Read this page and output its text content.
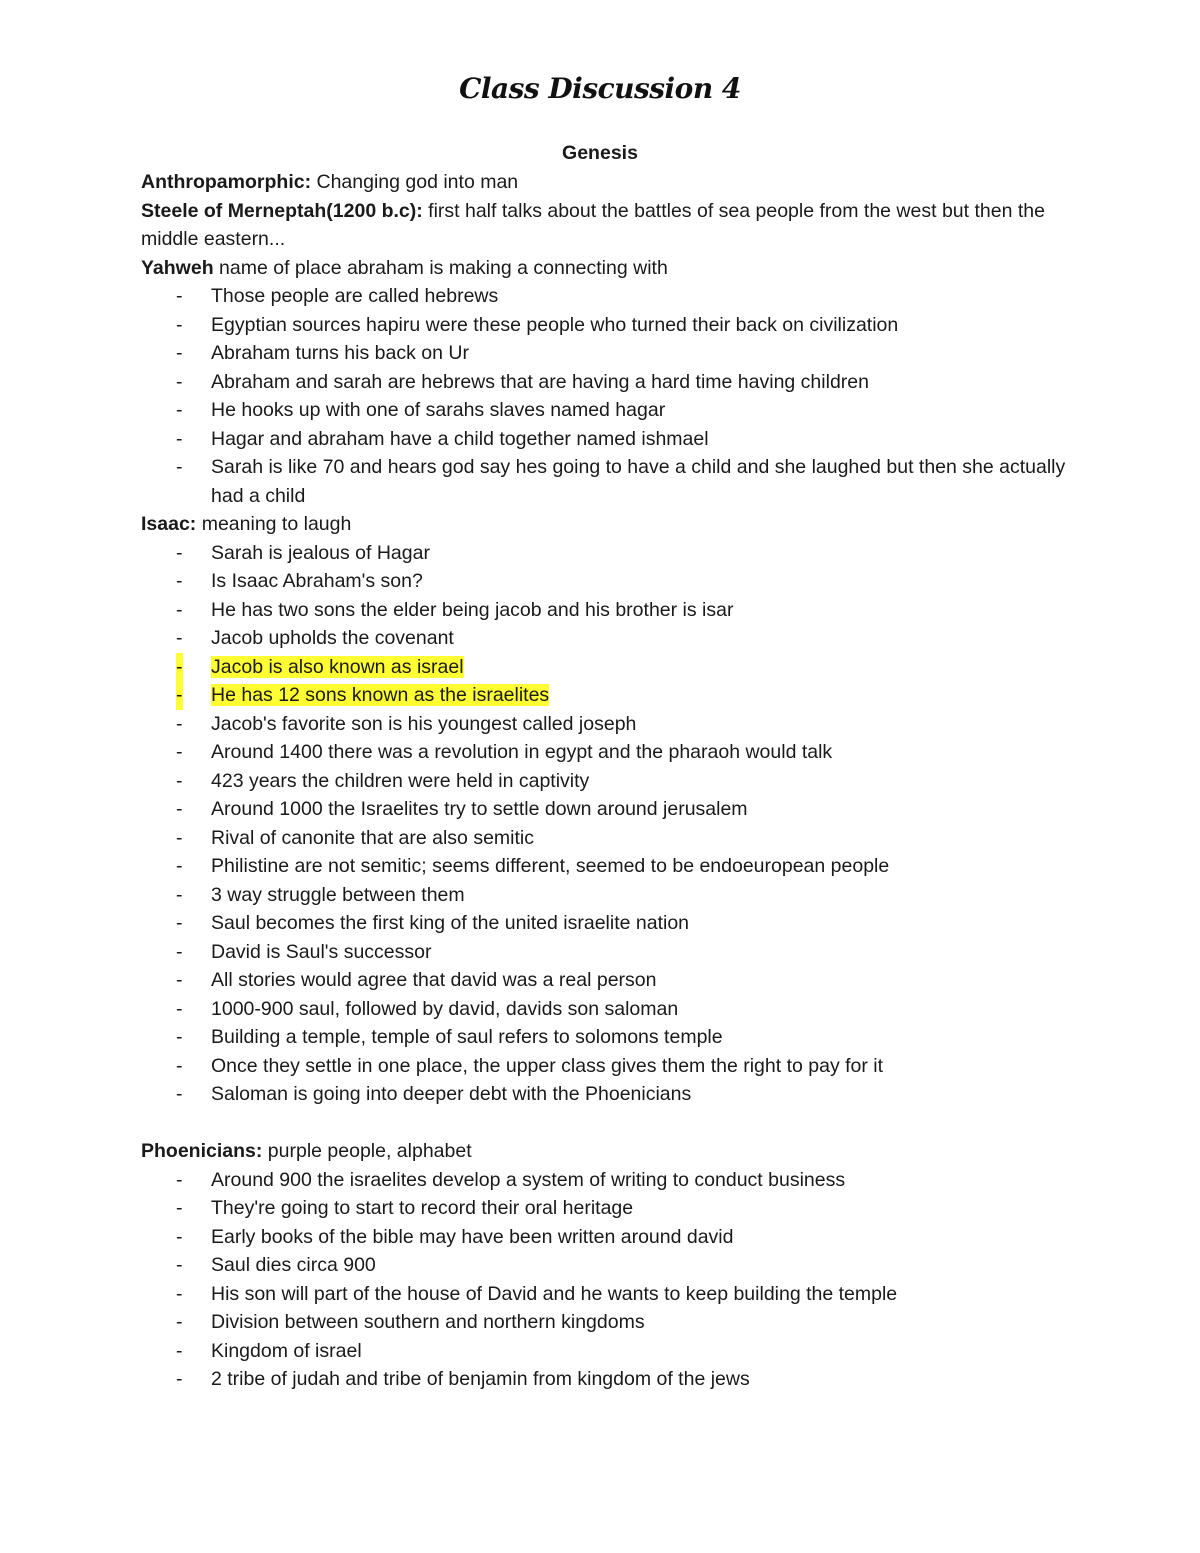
Class Discussion 4
Genesis

Anthropamorphic: Changing god into man

Steele of Merneptah(1200 b.c): first half talks about the battles of sea people from the west but then the middle eastern...

Yahweh name of place abraham is making a connecting with

- Those people are called hebrews
- Egyptian sources hapiru were these people who turned their back on civilization
- Abraham turns his back on Ur
- Abraham and sarah are hebrews that are having a hard time having children
- He hooks up with one of sarahs slaves named hagar
- Hagar and abraham have a child together named ishmael
- Sarah is like 70 and hears god say hes going to have a child and she laughed but then she actually had a child

Isaac: meaning to laugh

- Sarah is jealous of Hagar
- Is Isaac Abraham's son?
- He has two sons the elder being jacob and his brother is isar
- Jacob upholds the covenant
- Jacob is also known as israel
- He has 12 sons known as the israelites
- Jacob's favorite son is his youngest called joseph
- Around 1400 there was a revolution in egypt and the pharaoh would talk
- 423 years the children were held in captivity
- Around 1000 the Israelites try to settle down around jerusalem
- Rival of canonite that are also semitic
- Philistine are not semitic; seems different, seemed to be endoeuropean people
- 3 way struggle between them
- Saul becomes the first king of the united israelite nation
- David is Saul's successor
- All stories would agree that david was a real person
- 1000-900 saul, followed by david, davids son saloman
- Building a temple, temple of saul refers to solomons temple
- Once they settle in one place, the upper class gives them the right to pay for it
- Saloman is going into deeper debt with the Phoenicians

Phoenicians: purple people, alphabet

- Around 900 the israelites develop a system of writing to conduct business
- They're going to start to record their oral heritage
- Early books of the bible may have been written around david
- Saul dies circa 900
- His son will part of the house of David and he wants to keep building the temple
- Division between southern and northern kingdoms
- Kingdom of israel
- 2 tribe of judah and tribe of benjamin from kingdom of the jews
